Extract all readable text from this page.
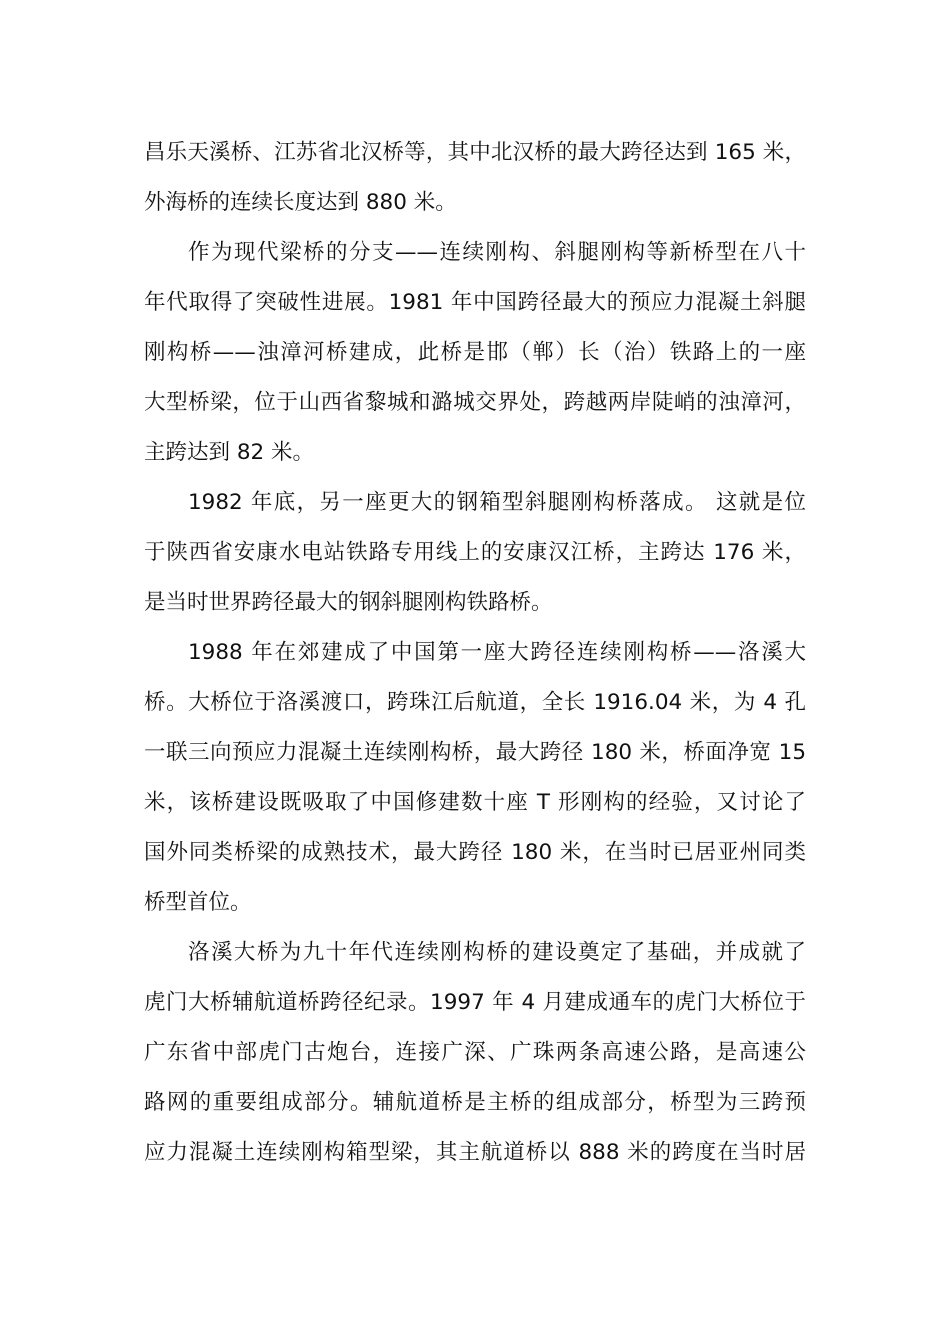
昌乐天溪桥、江苏省北汉桥等，其中北汉桥的最大跨径达到 165 米，
外海桥的连续长度达到 880 米。
作为现代梁桥的分支——连续刚构、斜腿刚构等新桥型在八十
年代取得了突破性进展。1981 年中国跨径最大的预应力混凝土斜腿
刚构桥——浊漳河桥建成，此桥是邯（郸）长（治）铁路上的一座
大型桥梁，位于山西省黎城和潞城交界处，跨越两岸陡峭的浊漳河，
主跨达到 82 米。
1982 年底，另一座更大的钢箱型斜腿刚构桥落成。 这就是位
于陕西省安康水电站铁路专用线上的安康汉江桥，主跨达 176 米，
是当时世界跨径最大的钢斜腿刚构铁路桥。
1988 年在郊建成了中国第一座大跨径连续刚构桥——洛溪大
桥。大桥位于洛溪渡口，跨珠江后航道，全长 1916.04 米，为 4 孔
一联三向预应力混凝土连续刚构桥，最大跨径 180 米，桥面净宽 15
米，该桥建设既吸取了中国修建数十座 T 形刚构的经验，又讨论了
国外同类桥梁的成熟技术，最大跨径 180 米，在当时已居亚州同类
桥型首位。
洛溪大桥为九十年代连续刚构桥的建设奠定了基础，并成就了
虎门大桥辅航道桥跨径纪录。1997 年 4 月建成通车的虎门大桥位于
广东省中部虎门古炮台，连接广深、广珠两条高速公路，是高速公
路网的重要组成部分。辅航道桥是主桥的组成部分，桥型为三跨预
应力混凝土连续刚构箱型梁，其主航道桥以 888 米的跨度在当时居
